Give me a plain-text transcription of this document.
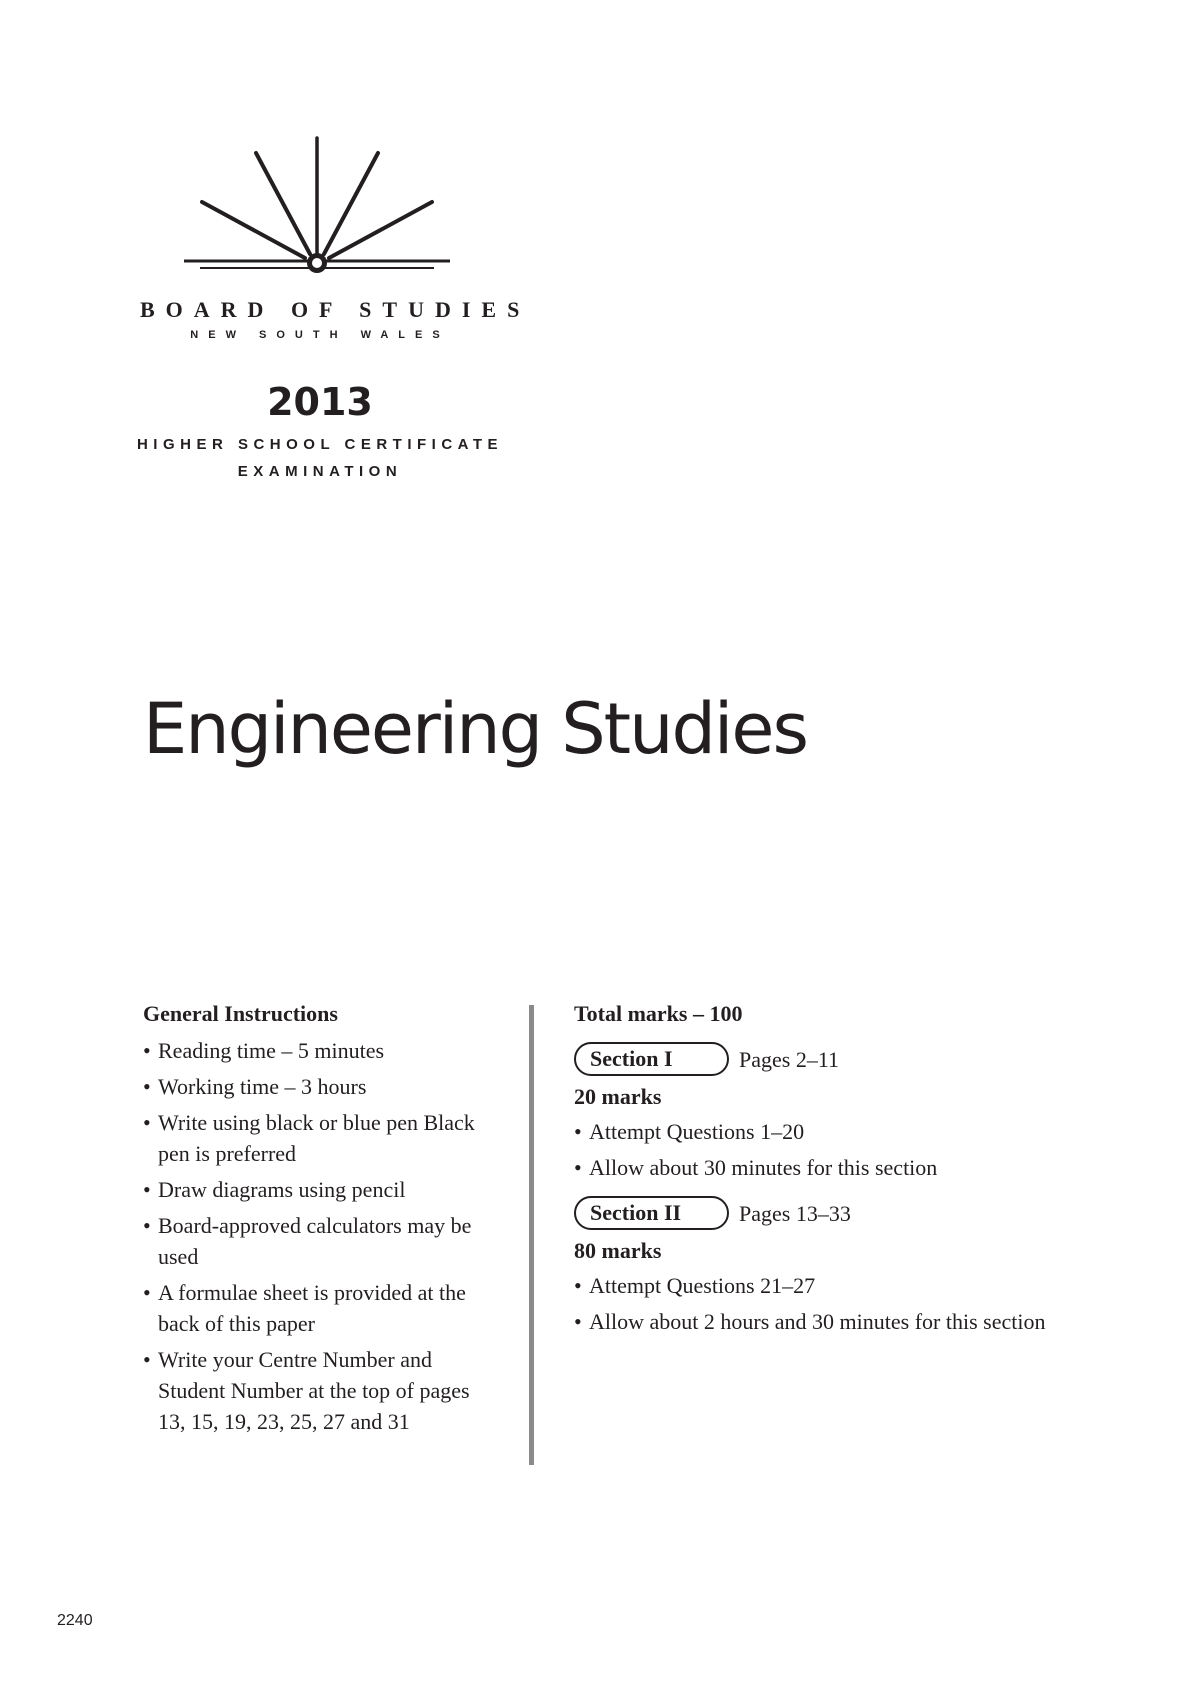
BOARD OF STUDIES
NEW SOUTH WALES
2013
HIGHER SCHOOL CERTIFICATE
EXAMINATION
Engineering Studies
General Instructions
• Reading time – 5 minutes
• Working time – 3 hours
• Write using black or blue pen Black pen is preferred
• Draw diagrams using pencil
• Board-approved calculators may be used
• A formulae sheet is provided at the back of this paper
• Write your Centre Number and Student Number at the top of pages 13, 15, 19, 23, 25, 27 and 31
Total marks – 100
Section I	Pages 2–11
20 marks
• Attempt Questions 1–20
• Allow about 30 minutes for this section
Section II	Pages 13–33
80 marks
• Attempt Questions 21–27
• Allow about 2 hours and 30 minutes for this section
2240
